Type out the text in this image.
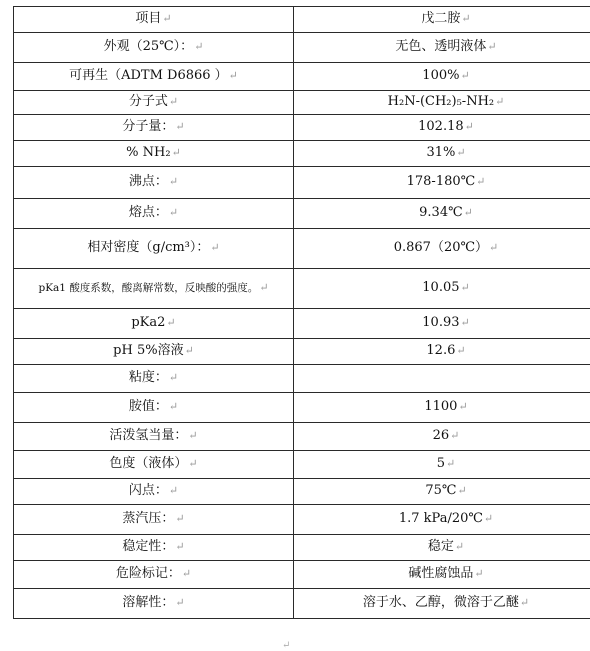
项目↵	戊二胺↵
外观（25℃）：↵	无色、透明液体↵
可再生（ADTM D6866 ）↵	100%↵
分子式↵	H₂N-(CH₂)₅-NH₂↵
分子量：↵	102.18↵
% NH₂↵	31%↵
沸点：↵	178-180℃↵
熔点：↵	9.34℃↵
相对密度（g/cm³）：↵	0.867（20℃）↵
pKa1 酸度系数，酸离解常数，反映酸的强度。↵	10.05↵
pKa2↵	10.93↵
pH 5%溶液↵	12.6↵
粘度：↵	
胺值：↵	1100↵
活泼氢当量：↵	26↵
色度（液体）↵	5↵
闪点：↵	75℃↵
蒸汽压：↵	1.7 kPa/20℃↵
稳定性：↵	稳定↵
危险标记：↵	碱性腐蚀品↵
溶解性：↵	溶于水、乙醇，微溶于乙醚↵
↵
